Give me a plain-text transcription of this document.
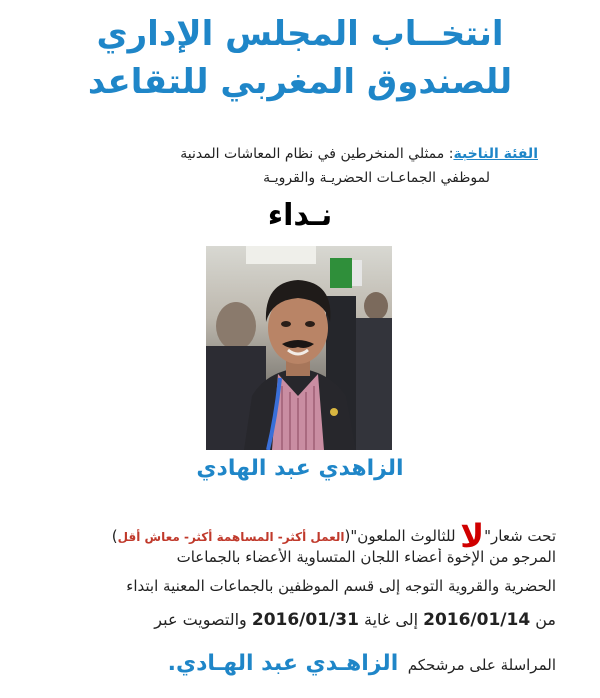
انتخــاب المجلس الإداري
للصندوق المغربي للتقاعد
الفئة الناخبة: ممثلي المنخرطين في نظام المعاشات المدنية
لموظفي الجماعـات الحضريـة والقرويـة
نـداء
الزاهدي عبد الهادي
تحت شعار"لا للثالوث الملعون"(العمل أكثر- المساهمة أكثر- معاش أقل)
المرجو من الإخوة أعضاء اللجان المتساوية الأعضاء بالجماعات
الحضرية والقروية التوجه إلى قسم الموظفين بالجماعات المعنية ابتداء
من 2016/01/14 إلى غاية 2016/01/31 والتصويت عبر
المراسلة على مرشحكم  الزاهـدي عبد الهـادي.
